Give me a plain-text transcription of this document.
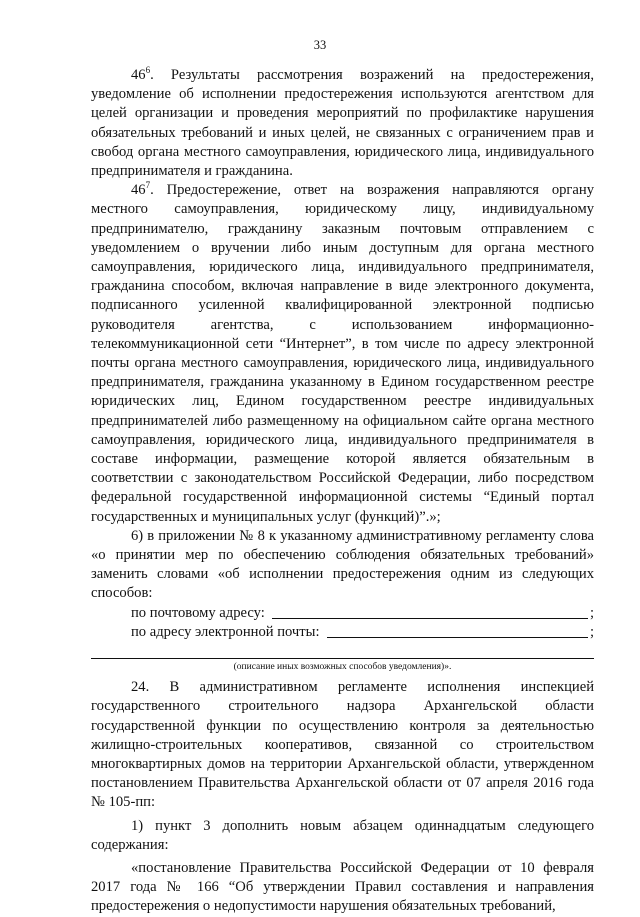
33

$46^6$. Результаты рассмотрения возражений на предостережения, уведомление об исполнении предостережения используются агентством для целей организации и проведения мероприятий по профилактике нарушения обязательных требований и иных целей, не связанных с ограничением прав и свобод органа местного самоуправления, юридического лица, индивидуального предпринимателя и гражданина.

$46^7$. Предостережение, ответ на возражения направляются органу местного самоуправления, юридическому лицу, индивидуальному предпринимателю, гражданину заказным почтовым отправлением с уведомлением о вручении либо иным доступным для органа местного самоуправления, юридического лица, индивидуального предпринимателя, гражданина способом, включая направление в виде электронного документа, подписанного усиленной квалифицированной электронной подписью руководителя агентства, с использованием информационно-телекоммуникационной сети “Интернет”, в том числе по адресу электронной почты органа местного самоуправления, юридического лица, индивидуального предпринимателя, гражданина указанному в Едином государственном реестре юридических лиц, Едином государственном реестре индивидуальных предпринимателей либо размещенному на официальном сайте органа местного самоуправления, юридического лица, индивидуального предпринимателя в составе информации, размещение которой является обязательным в соответствии с законодательством Российской Федерации, либо посредством федеральной государственной информационной системы “Единый портал государственных и муниципальных услуг (функций)”.»;

6) в приложении № 8 к указанному административному регламенту слова «о принятии мер по обеспечению соблюдения обязательных требований» заменить словами «об исполнении предостережения одним из следующих способов:

по почтовому адресу:	;
по адресу электронной почты:	;
(описание иных возможных способов уведомления)».

24. В административном регламенте исполнения инспекцией государственного строительного надзора Архангельской области государственной функции по осуществлению контроля за деятельностью жилищно-строительных кооперативов, связанной со строительством многоквартирных домов на территории Архангельской области, утвержденном постановлением Правительства Архангельской области от 07 апреля 2016 года № 105-пп:

1) пункт 3 дополнить новым абзацем одиннадцатым следующего содержания:

«постановление Правительства Российской Федерации от 10 февраля 2017 года № 166 “Об утверждении Правил составления и направления предостережения о недопустимости нарушения обязательных требований,
